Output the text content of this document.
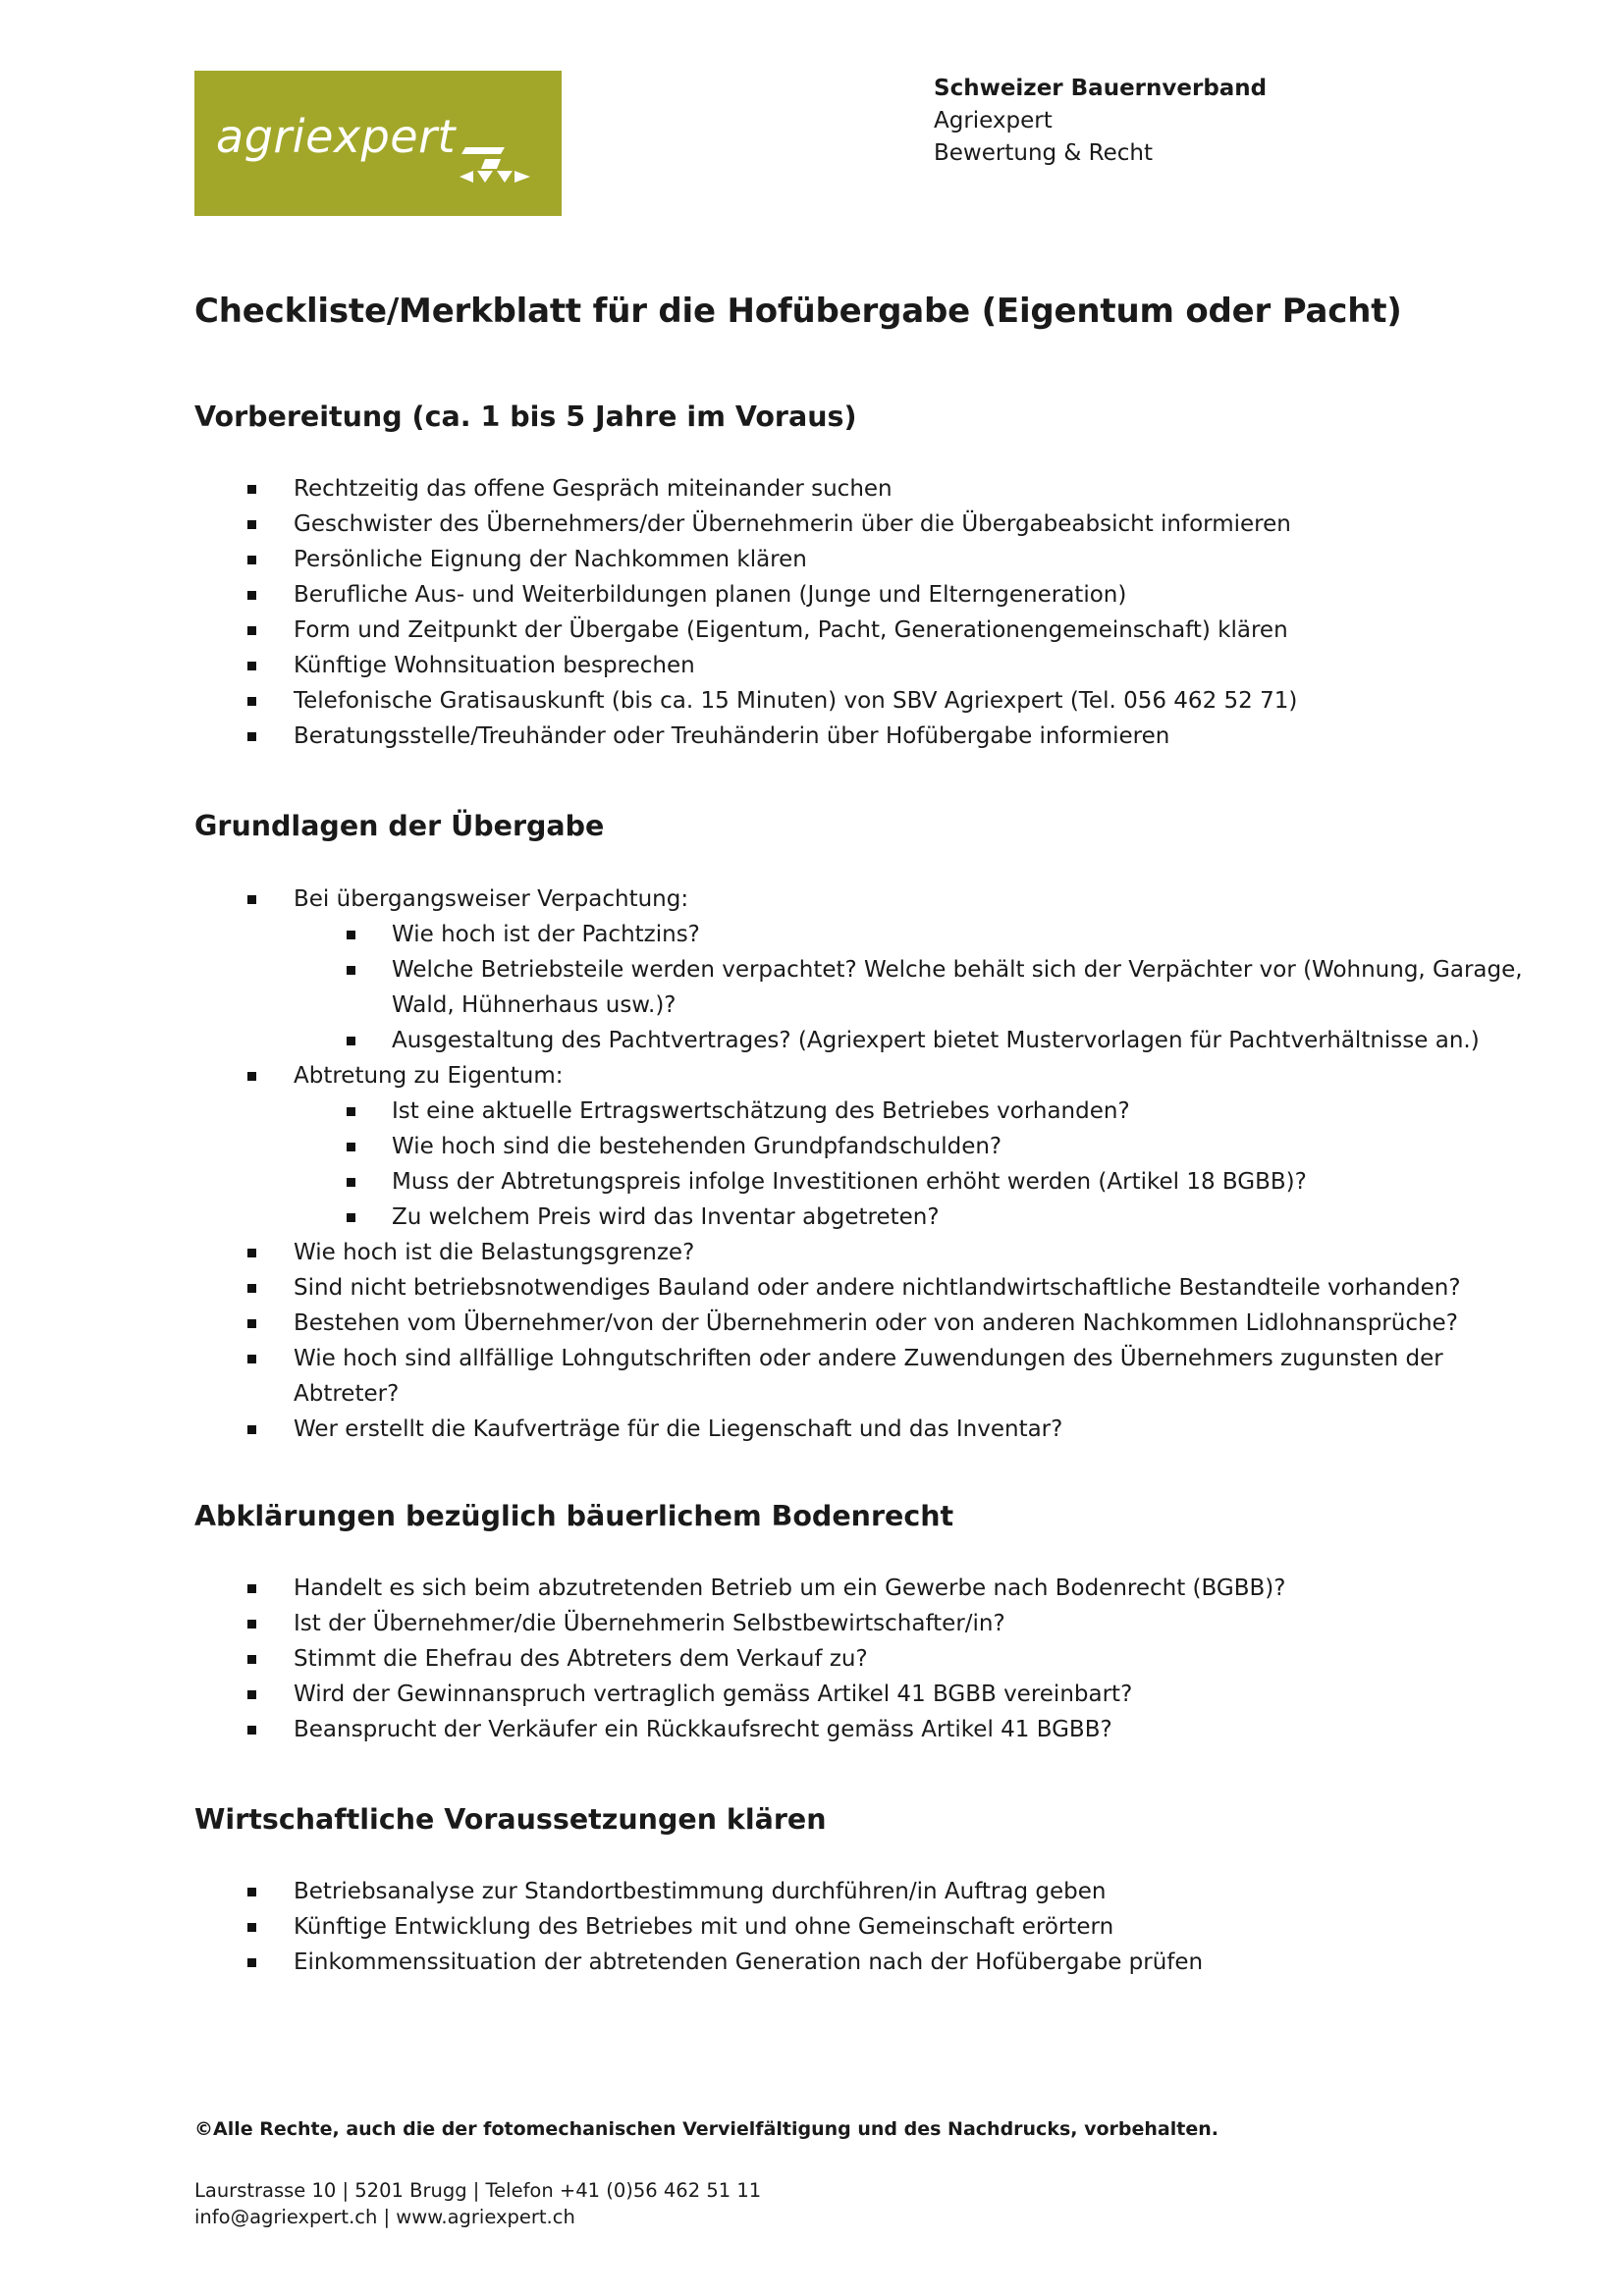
agriexpert
Schweizer Bauernverband
Agriexpert
Bewertung & Recht
Checkliste/Merkblatt für die Hofübergabe (Eigentum oder Pacht)
Vorbereitung (ca. 1 bis 5 Jahre im Voraus)
Rechtzeitig das offene Gespräch miteinander suchen
Geschwister des Übernehmers/der Übernehmerin über die Übergabeabsicht informieren
Persönliche Eignung der Nachkommen klären
Berufliche Aus- und Weiterbildungen planen (Junge und Elterngeneration)
Form und Zeitpunkt der Übergabe (Eigentum, Pacht, Generationengemeinschaft) klären
Künftige Wohnsituation besprechen
Telefonische Gratisauskunft (bis ca. 15 Minuten) von SBV Agriexpert (Tel. 056 462 52 71)
Beratungsstelle/Treuhänder oder Treuhänderin über Hofübergabe informieren
Grundlagen der Übergabe
Bei übergangsweiser Verpachtung:
Wie hoch ist der Pachtzins?
Welche Betriebsteile werden verpachtet? Welche behält sich der Verpächter vor (Wohnung, Garage, Wald, Hühnerhaus usw.)?
Ausgestaltung des Pachtvertrages? (Agriexpert bietet Mustervorlagen für Pachtverhältnisse an.)
Abtretung zu Eigentum:
Ist eine aktuelle Ertragswertschätzung des Betriebes vorhanden?
Wie hoch sind die bestehenden Grundpfandschulden?
Muss der Abtretungspreis infolge Investitionen erhöht werden (Artikel 18 BGBB)?
Zu welchem Preis wird das Inventar abgetreten?
Wie hoch ist die Belastungsgrenze?
Sind nicht betriebsnotwendiges Bauland oder andere nichtlandwirtschaftliche Bestandteile vorhanden?
Bestehen vom Übernehmer/von der Übernehmerin oder von anderen Nachkommen Lidlohnansprüche?
Wie hoch sind allfällige Lohngutschriften oder andere Zuwendungen des Übernehmers zugunsten der Abtreter?
Wer erstellt die Kaufverträge für die Liegenschaft und das Inventar?
Abklärungen bezüglich bäuerlichem Bodenrecht
Handelt es sich beim abzutretenden Betrieb um ein Gewerbe nach Bodenrecht (BGBB)?
Ist der Übernehmer/die Übernehmerin Selbstbewirtschafter/in?
Stimmt die Ehefrau des Abtreters dem Verkauf zu?
Wird der Gewinnanspruch vertraglich gemäss Artikel 41 BGBB vereinbart?
Beansprucht der Verkäufer ein Rückkaufsrecht gemäss Artikel 41 BGBB?
Wirtschaftliche Voraussetzungen klären
Betriebsanalyse zur Standortbestimmung durchführen/in Auftrag geben
Künftige Entwicklung des Betriebes mit und ohne Gemeinschaft erörtern
Einkommenssituation der abtretenden Generation nach der Hofübergabe prüfen
©Alle Rechte, auch die der fotomechanischen Vervielfältigung und des Nachdrucks, vorbehalten.
Laurstrasse 10 | 5201 Brugg | Telefon +41 (0)56 462 51 11
info@agriexpert.ch | www.agriexpert.ch
